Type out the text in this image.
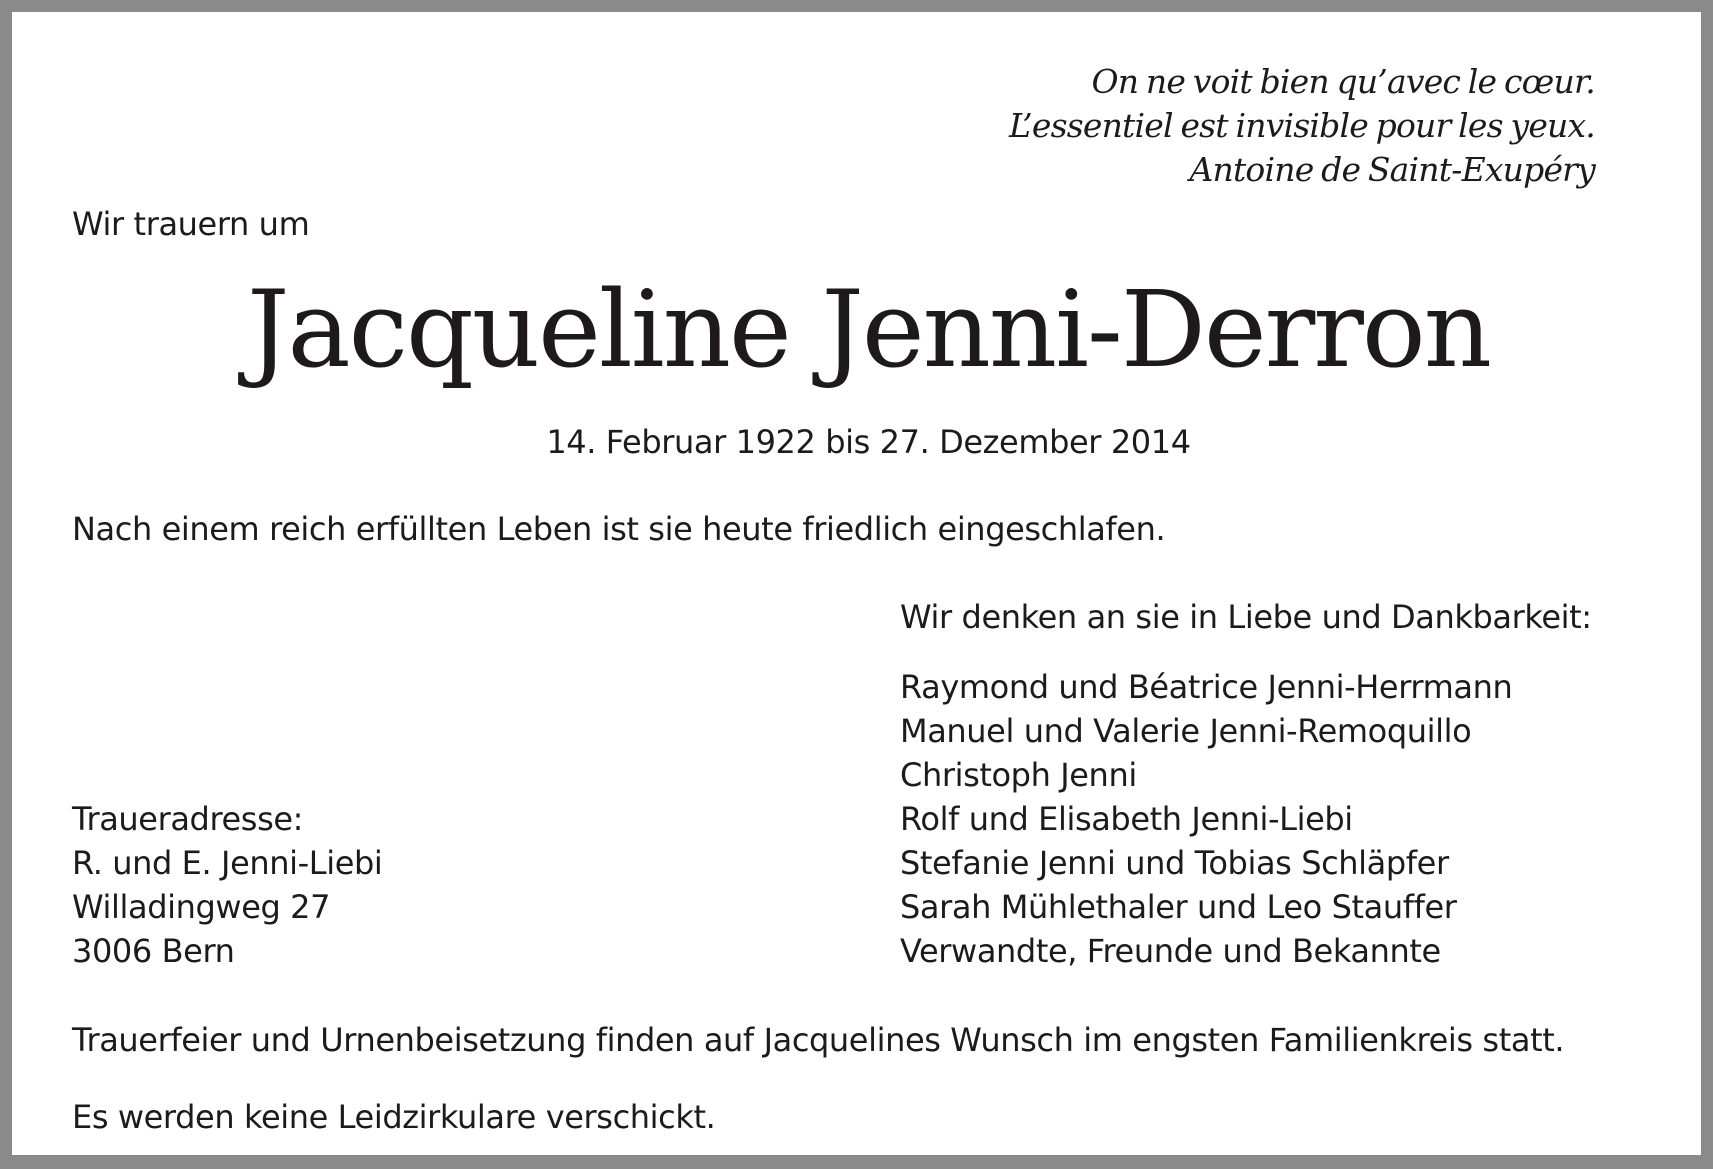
On ne voit bien qu’avec le cœur.
L’essentiel est invisible pour les yeux.
Antoine de Saint-Exupéry
Wir trauern um
Jacqueline Jenni-Derron
14. Februar 1922 bis 27. Dezember 2014
Nach einem reich erfüllten Leben ist sie heute friedlich eingeschlafen.
Wir denken an sie in Liebe und Dankbarkeit:
Raymond und Béatrice Jenni-Herrmann
Manuel und Valerie Jenni-Remoquillo
Christoph Jenni
Rolf und Elisabeth Jenni-Liebi
Stefanie Jenni und Tobias Schläpfer
Sarah Mühlethaler und Leo Stauffer
Verwandte, Freunde und Bekannte
Traueradresse:
R. und E. Jenni-Liebi
Willadingweg 27
3006 Bern
Trauerfeier und Urnenbeisetzung finden auf Jacquelines Wunsch im engsten Familienkreis statt.
Es werden keine Leidzirkulare verschickt.
